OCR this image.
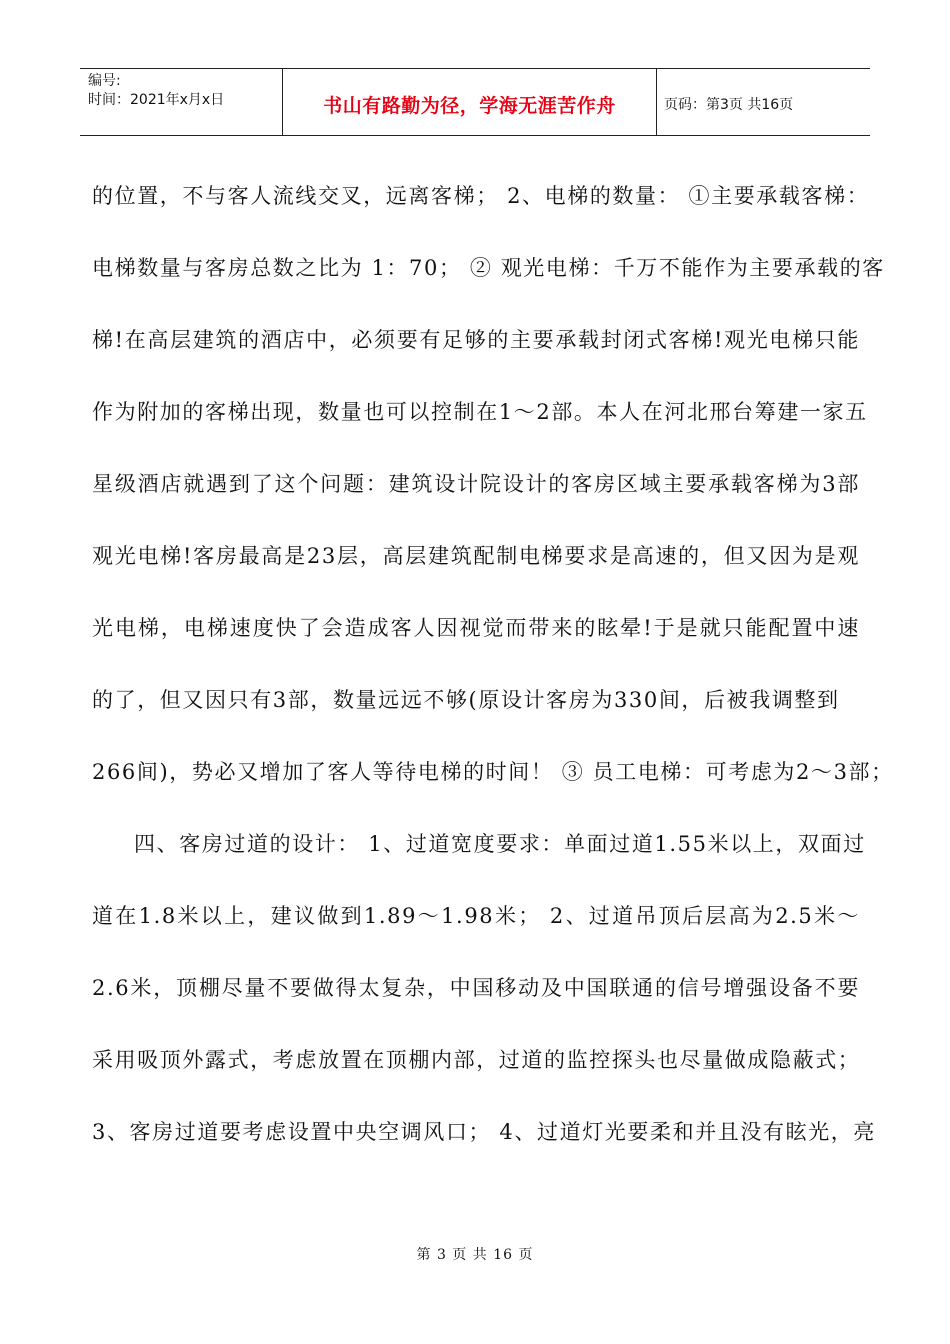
编号:
时间：2021年x月x日	书山有路勤为径，学海无涯苦作舟	页码：第3页 共16页
的位置，不与客人流线交叉，远离客梯； 2、电梯的数量： ①主要承载客梯：
电梯数量与客房总数之比为 1：70； ② 观光电梯：千万不能作为主要承载的客
梯!在高层建筑的酒店中，必须要有足够的主要承载封闭式客梯!观光电梯只能
作为附加的客梯出现，数量也可以控制在1～2部。本人在河北邢台筹建一家五
星级酒店就遇到了这个问题：建筑设计院设计的客房区域主要承载客梯为3部
观光电梯!客房最高是23层，高层建筑配制电梯要求是高速的，但又因为是观
光电梯，电梯速度快了会造成客人因视觉而带来的眩晕!于是就只能配置中速
的了，但又因只有3部，数量远远不够(原设计客房为330间，后被我调整到
266间)，势必又增加了客人等待电梯的时间！ ③ 员工电梯：可考虑为2～3部；
四、客房过道的设计： 1、过道宽度要求：单面过道1.55米以上，双面过
道在1.8米以上，建议做到1.89～1.98米； 2、过道吊顶后层高为2.5米～
2.6米，顶棚尽量不要做得太复杂，中国移动及中国联通的信号增强设备不要
采用吸顶外露式，考虑放置在顶棚内部，过道的监控探头也尽量做成隐蔽式；
3、客房过道要考虑设置中央空调风口； 4、过道灯光要柔和并且没有眩光，亮
第 3 页 共 16 页
